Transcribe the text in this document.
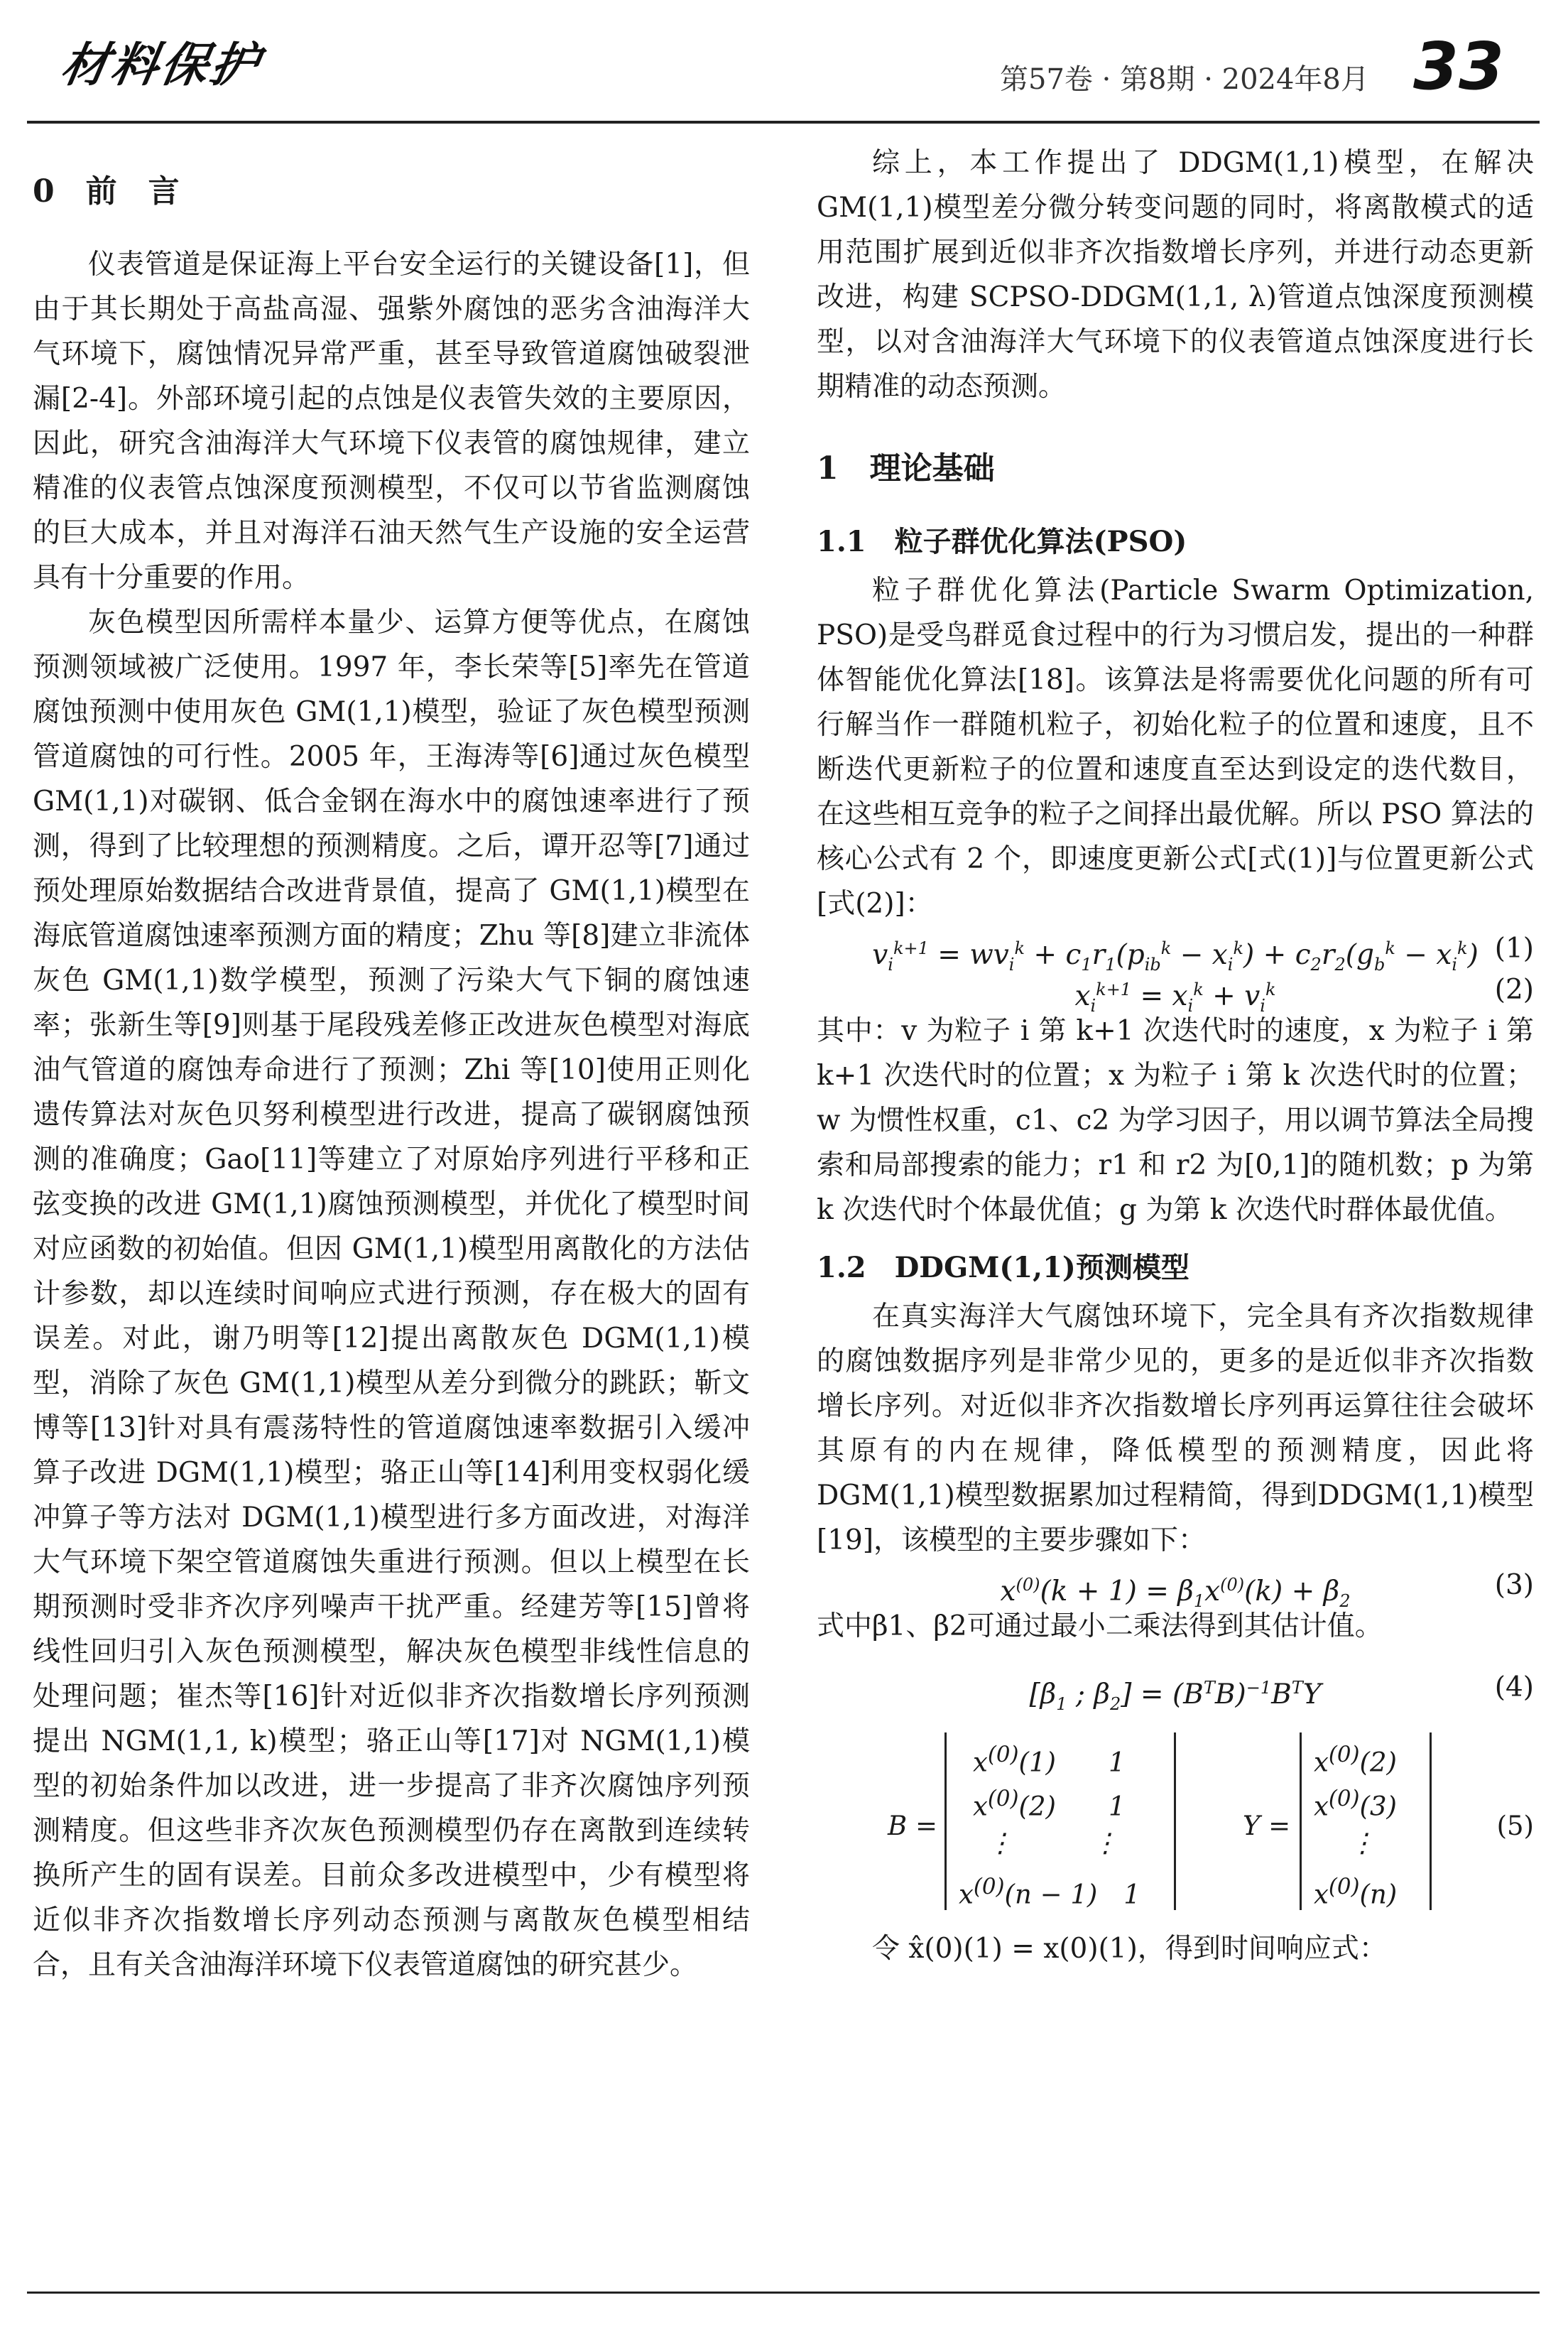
材料保护	第57卷 · 第8期 · 2024年8月 33
0　前　言

仪表管道是保证海上平台安全运行的关键设备[1]，但由于其长期处于高盐高湿、强紫外腐蚀的恶劣含油海洋大气环境下，腐蚀情况异常严重，甚至导致管道腐蚀破裂泄漏[2-4]。外部环境引起的点蚀是仪表管失效的主要原因，因此，研究含油海洋大气环境下仪表管的腐蚀规律，建立精准的仪表管点蚀深度预测模型，不仅可以节省监测腐蚀的巨大成本，并且对海洋石油天然气生产设施的安全运营具有十分重要的作用。

灰色模型因所需样本量少、运算方便等优点，在腐蚀预测领域被广泛使用。1997 年，李长荣等[5]率先在管道腐蚀预测中使用灰色 GM(1,1)模型，验证了灰色模型预测管道腐蚀的可行性。2005 年，王海涛等[6]通过灰色模型 GM(1,1)对碳钢、低合金钢在海水中的腐蚀速率进行了预测，得到了比较理想的预测精度。之后，谭开忍等[7]通过预处理原始数据结合改进背景值，提高了 GM(1,1)模型在海底管道腐蚀速率预测方面的精度；Zhu 等[8]建立非流体灰色 GM(1,1)数学模型，预测了污染大气下铜的腐蚀速率；张新生等[9]则基于尾段残差修正改进灰色模型对海底油气管道的腐蚀寿命进行了预测；Zhi 等[10]使用正则化遗传算法对灰色贝努利模型进行改进，提高了碳钢腐蚀预测的准确度；Gao[11]等建立了对原始序列进行平移和正弦变换的改进 GM(1,1)腐蚀预测模型，并优化了模型时间对应函数的初始值。但因 GM(1,1)模型用离散化的方法估计参数，却以连续时间响应式进行预测，存在极大的固有误差。对此，谢乃明等[12]提出离散灰色 DGM(1,1)模型，消除了灰色 GM(1,1)模型从差分到微分的跳跃；靳文博等[13]针对具有震荡特性的管道腐蚀速率数据引入缓冲算子改进 DGM(1,1)模型；骆正山等[14]利用变权弱化缓冲算子等方法对 DGM(1,1)模型进行多方面改进，对海洋大气环境下架空管道腐蚀失重进行预测。但以上模型在长期预测时受非齐次序列噪声干扰严重。经建芳等[15]曾将线性回归引入灰色预测模型，解决灰色模型非线性信息的处理问题；崔杰等[16]针对近似非齐次指数增长序列预测提出 NGM(1,1, k)模型；骆正山等[17]对 NGM(1,1)模型的初始条件加以改进，进一步提高了非齐次腐蚀序列预测精度。但这些非齐次灰色预测模型仍存在离散到连续转换所产生的固有误差。目前众多改进模型中，少有模型将近似非齐次指数增长序列动态预测与离散灰色模型相结合，且有关含油海洋环境下仪表管道腐蚀的研究甚少。

综上，本工作提出了 DDGM(1,1)模型，在解决GM(1,1)模型差分微分转变问题的同时，将离散模式的适用范围扩展到近似非齐次指数增长序列，并进行动态更新改进，构建 SCPSO-DDGM(1,1, λ)管道点蚀深度预测模型，以对含油海洋大气环境下的仪表管道点蚀深度进行长期精准的动态预测。

1　理论基础
1.1　粒子群优化算法(PSO)

粒子群优化算法(Particle Swarm Optimization, PSO)是受鸟群觅食过程中的行为习惯启发，提出的一种群体智能优化算法[18]。该算法是将需要优化问题的所有可行解当作一群随机粒子，初始化粒子的位置和速度，且不断迭代更新粒子的位置和速度直至达到设定的迭代数目，在这些相互竞争的粒子之间择出最优解。所以 PSO 算法的核心公式有 2 个，即速度更新公式[式(1)]与位置更新公式[式(2)]：

$v_i^{k+1} = wv_i^k + c_1r_1(p_{ib}^k - x_i^k) + c_2r_2(g_b^k - x_i^k)$ (1)
$x_i^{k+1} = x_i^k + v_i^k$	(2)

其中：v 为粒子 i 第 k+1 次迭代时的速度，x 为粒子 i 第 k+1 次迭代时的位置；x 为粒子 i 第 k 次迭代时的位置；w 为惯性权重，c1、c2 为学习因子，用以调节算法全局搜索和局部搜索的能力；r1 和 r2 为[0,1]的随机数；p 为第 k 次迭代时个体最优值；g 为第 k 次迭代时群体最优值。

1.2　DDGM(1,1)预测模型

在真实海洋大气腐蚀环境下，完全具有齐次指数规律的腐蚀数据序列是非常少见的，更多的是近似非齐次指数增长序列。对近似非齐次指数增长序列再运算往往会破坏其原有的内在规律，降低模型的预测精度，因此将 DGM(1,1)模型数据累加过程精简，得到DDGM(1,1)模型[19]，该模型的主要步骤如下：

$x^{(0)}(k + 1) = \beta_1x^{(0)}(k) + \beta_2$	(3)

式中β1、β2可通过最小二乘法得到其估计值。

[$\beta_1$ ; $\beta_2] = (B^TB)^{-1}B^TY$	(4)
B =
$x^{(0)}(1)$　　1
$x^{(0)}(2)$　　1
⋮　　　⋮
$x^{(0)}(n - 1)$　1
Y =
$x^{(0)}(2)$
$x^{(0)}(3)$
⋮
$x^{(0)}(n)$
(5)

令 x̂(0)(1) = x(0)(1)，得到时间响应式：
